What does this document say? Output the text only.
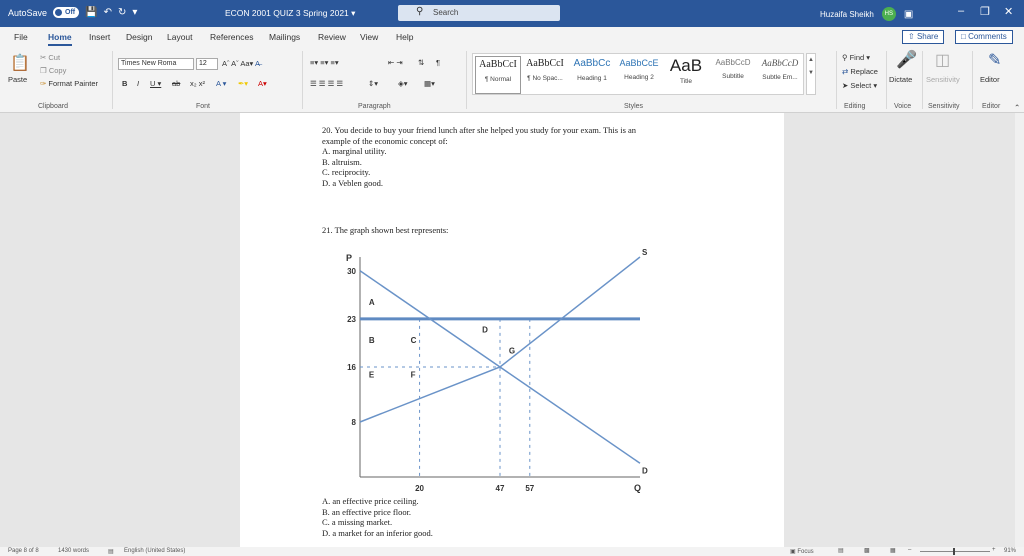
AutoSave	Off 💾 ↶ ↻ ▾	ECON 2001 QUIZ 3 Spring 2021 ▾	⚲ Search	Huzaifa Sheikh	HS ▣	– ❐ ✕
File Home Insert Design Layout References Mailings Review View Help	⇧ Share	□ Comments
📋
Paste
✂ Cut
❐ Copy
✑ Format Painter
Clipboard
Times New Roma	12	Aˆ Aˇ Aa▾ A̶
B I U ▾ ab x₂ x² A ▾ ✒▾ A▾
Font
≡▾ ≡▾ ≡▾	⇤ ⇥ ⇅ ¶
☰ ☰ ☰ ☰	⇕▾	◈▾ ▦▾
Paragraph
AaBbCcI
¶ Normal
AaBbCcI
¶ No Spac...
AaBbCc
Heading 1
AaBbCcE
Heading 2
AaB
Title
AaBbCcD
Subtitle
AaBbCcD
Subtle Em...
▲
▼
Styles
⚲ Find ▾
⇄ Replace
➤ Select ▾
Editing
🎤
Dictate
Voice
◫
Sensitivity
Sensitivity
✎
Editor
Editor ⌃
20. You decide to buy your friend lunch after she helped you study for your exam. This is an
example of the economic concept of:
A. marginal utility.
B. altruism.
C. reciprocity.
D. a Veblen good.
21. The graph shown best represents:
P
Q
S
D
20	47	57
8
16
23
30
A
B	C
D
E	F
G
A. an effective price ceiling.
B. an effective price floor.
C. a missing market.
D. a market for an inferior good.
Page 8 of 8	1430 words	▤ English (United States)	▣ Focus	▤	▩	▦ –	+ 91%
